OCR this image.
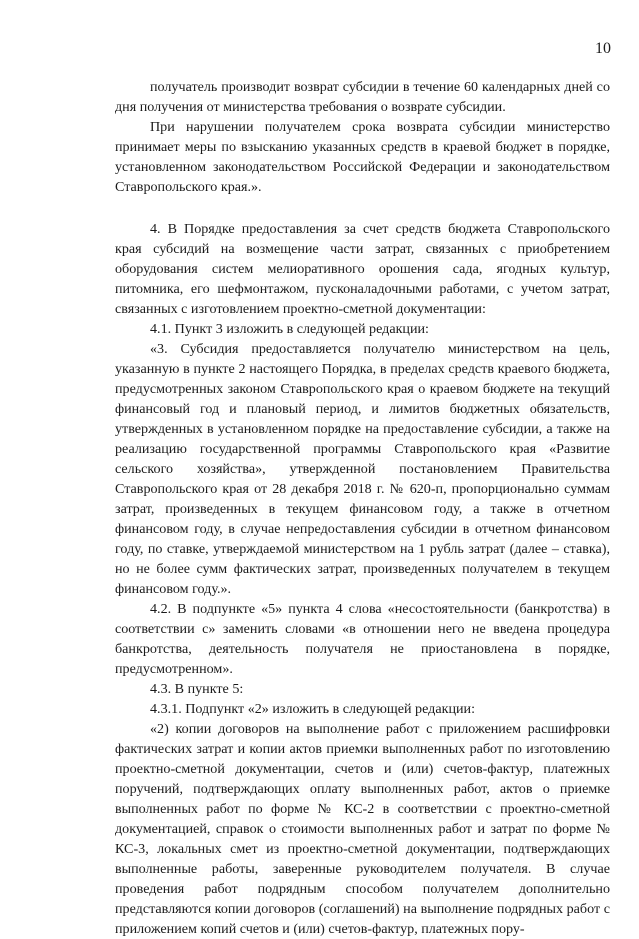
10

получатель производит возврат субсидии в течение 60 календарных дней со дня получения от министерства требования о возврате субсидии.

При нарушении получателем срока возврата субсидии министерство принимает меры по взысканию указанных средств в краевой бюджет в порядке, установленном законодательством Российской Федерации и законодательством Ставропольского края.».

4. В Порядке предоставления за счет средств бюджета Ставропольского края субсидий на возмещение части затрат, связанных с приобретением оборудования систем мелиоративного орошения сада, ягодных культур, питомника, его шефмонтажом, пусконаладочными работами, с учетом затрат, связанных с изготовлением проектно-сметной документации:

4.1. Пункт 3 изложить в следующей редакции:

«3. Субсидия предоставляется получателю министерством на цель, указанную в пункте 2 настоящего Порядка, в пределах средств краевого бюджета, предусмотренных законом Ставропольского края о краевом бюджете на текущий финансовый год и плановый период, и лимитов бюджетных обязательств, утвержденных в установленном порядке на предоставление субсидии, а также на реализацию государственной программы Ставропольского края «Развитие сельского хозяйства», утвержденной постановлением Правительства Ставропольского края от 28 декабря 2018 г. № 620-п, пропорционально суммам затрат, произведенных в текущем финансовом году, а также в отчетном финансовом году, в случае непредоставления субсидии в отчетном финансовом году, по ставке, утверждаемой министерством на 1 рубль затрат (далее – ставка), но не более сумм фактических затрат, произведенных получателем в текущем финансовом году.».

4.2. В подпункте «5» пункта 4 слова «несостоятельности (банкротства) в соответствии с» заменить словами «в отношении него не введена процедура банкротства, деятельность получателя не приостановлена в порядке, предусмотренном».

4.3. В пункте 5:

4.3.1. Подпункт «2» изложить в следующей редакции:

«2) копии договоров на выполнение работ с приложением расшифровки фактических затрат и копии актов приемки выполненных работ по изготовлению проектно-сметной документации, счетов и (или) счетов-фактур, платежных поручений, подтверждающих оплату выполненных работ, актов о приемке выполненных работ по форме № КС-2 в соответствии с проектно-сметной документацией, справок о стоимости выполненных работ и затрат по форме № КС-3, локальных смет из проектно-сметной документации, подтверждающих выполненные работы, заверенные руководителем получателя. В случае проведения работ подрядным способом получателем дополнительно представляются копии договоров (соглашений) на выполнение подрядных работ с приложением копий счетов и (или) счетов-фактур, платежных пору-
